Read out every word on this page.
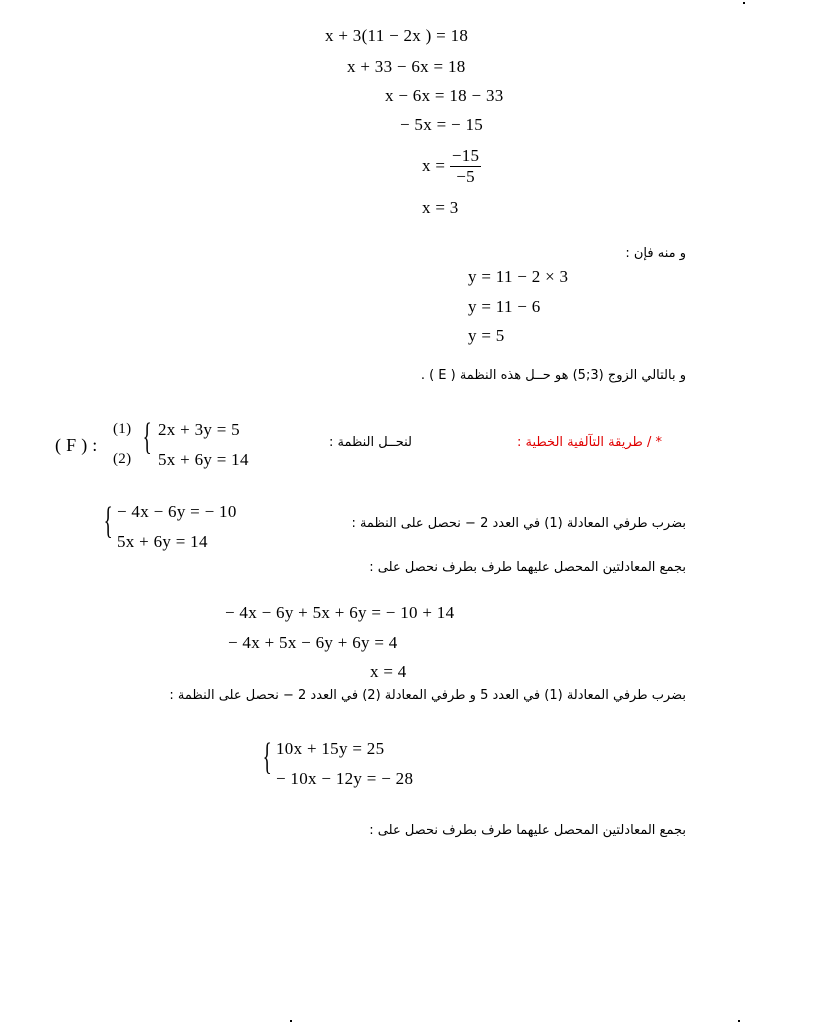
x + 3(11 − 2x ) = 18
x + 33 − 6x = 18
x − 6x = 18 − 33
− 5x = − 15
$x = \frac{-15}{-5}$
x = 3
و منه فإن :
y = 11 − 2 × 3
y = 11 − 6
y = 5
و بالتالي الزوج (3;5) هو حــل هذه النظمة ( E ) .
* / طريقة التآلفية الخطية :
لنحــل النظمة :
( F ) :
(1)
(2)
{ 2x + 3y = 5
5x + 6y = 14
{ − 4x − 6y = − 10
5x + 6y = 14
بضرب طرفي المعادلة (1) في العدد 2 − نحصل على النظمة :
بجمع المعادلتين المحصل عليهما طرف بطرف نحصل على :
− 4x − 6y + 5x + 6y = − 10 + 14
− 4x + 5x − 6y + 6y = 4
x = 4
بضرب طرفي المعادلة (1) في العدد 5 و طرفي المعادلة (2) في العدد 2 − نحصل على النظمة :
{ 10x + 15y = 25
− 10x − 12y = − 28
بجمع المعادلتين المحصل عليهما طرف بطرف نحصل على :
